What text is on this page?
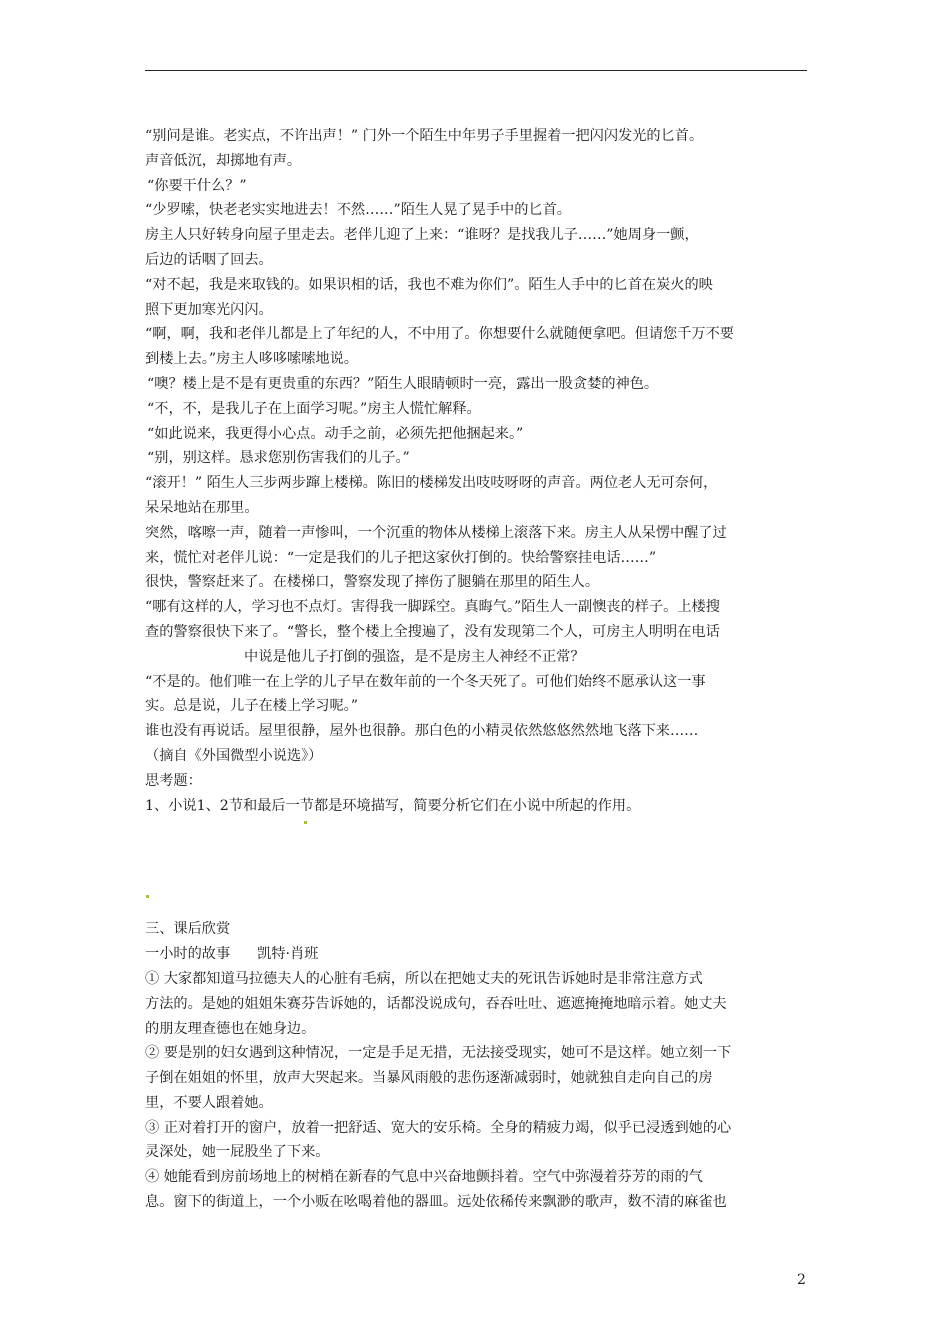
“别问是谁。老实点，不许出声！” 门外一个陌生中年男子手里握着一把闪闪发光的匕首。
声音低沉，却掷地有声。
“你要干什么？”
“少罗嗦，快老老实实地进去！不然……”陌生人晃了晃手中的匕首。
房主人只好转身向屋子里走去。老伴儿迎了上来：“谁呀？是找我儿子……”她周身一颤，
后边的话咽了回去。
“对不起，我是来取钱的。如果识相的话，我也不难为你们”。陌生人手中的匕首在炭火的映
照下更加寒光闪闪。
“啊，啊，我和老伴儿都是上了年纪的人，不中用了。你想要什么就随便拿吧。但请您千万不要
到楼上去。”房主人哆哆嗦嗦地说。
“噢？楼上是不是有更贵重的东西？”陌生人眼睛顿时一亮，露出一股贪婪的神色。
“不，不，是我儿子在上面学习呢。”房主人慌忙解释。
“如此说来，我更得小心点。动手之前，必须先把他捆起来。”
“别，别这样。恳求您别伤害我们的儿子。”
“滚开！” 陌生人三步两步蹿上楼梯。陈旧的楼梯发出吱吱呀呀的声音。两位老人无可奈何，
呆呆地站在那里。
突然，喀嚓一声，随着一声惨叫，一个沉重的物体从楼梯上滚落下来。房主人从呆愣中醒了过
来，慌忙对老伴儿说：“一定是我们的儿子把这家伙打倒的。快给警察挂电话……”
很快，警察赶来了。在楼梯口，警察发现了摔伤了腿躺在那里的陌生人。
“哪有这样的人，学习也不点灯。害得我一脚踩空。真晦气。”陌生人一副懊丧的样子。上楼搜
查的警察很快下来了。“警长，整个楼上全搜遍了，没有发现第二个人，可房主人明明在电话
中说是他儿子打倒的强盗，是不是房主人神经不正常？
“不是的。他们唯一在上学的儿子早在数年前的一个冬天死了。可他们始终不愿承认这一事
实。总是说，儿子在楼上学习呢。”
谁也没有再说话。屋里很静，屋外也很静。那白色的小精灵依然悠悠然然地飞落下来……
（摘自《外国微型小说选》）
思考题：
1、小说1、2节和最后一节都是环境描写，简要分析它们在小说中所起的作用。
三、课后欣赏
一小时的故事      凯特·肖班
① 大家都知道马拉德夫人的心脏有毛病，所以在把她丈夫的死讯告诉她时是非常注意方式
方法的。是她的姐姐朱赛芬告诉她的，话都没说成句，吞吞吐吐、遮遮掩掩地暗示着。她丈夫
的朋友理查德也在她身边。
② 要是别的妇女遇到这种情况，一定是手足无措，无法接受现实，她可不是这样。她立刻一下
子倒在姐姐的怀里，放声大哭起来。当暴风雨般的悲伤逐渐减弱时，她就独自走向自己的房
里，不要人跟着她。
③ 正对着打开的窗户，放着一把舒适、宽大的安乐椅。全身的精疲力竭，似乎已浸透到她的心
灵深处，她一屁股坐了下来。
④ 她能看到房前场地上的树梢在新春的气息中兴奋地颤抖着。空气中弥漫着芬芳的雨的气
息。窗下的街道上，一个小贩在吆喝着他的器皿。远处依稀传来飘渺的歌声，数不清的麻雀也
2
